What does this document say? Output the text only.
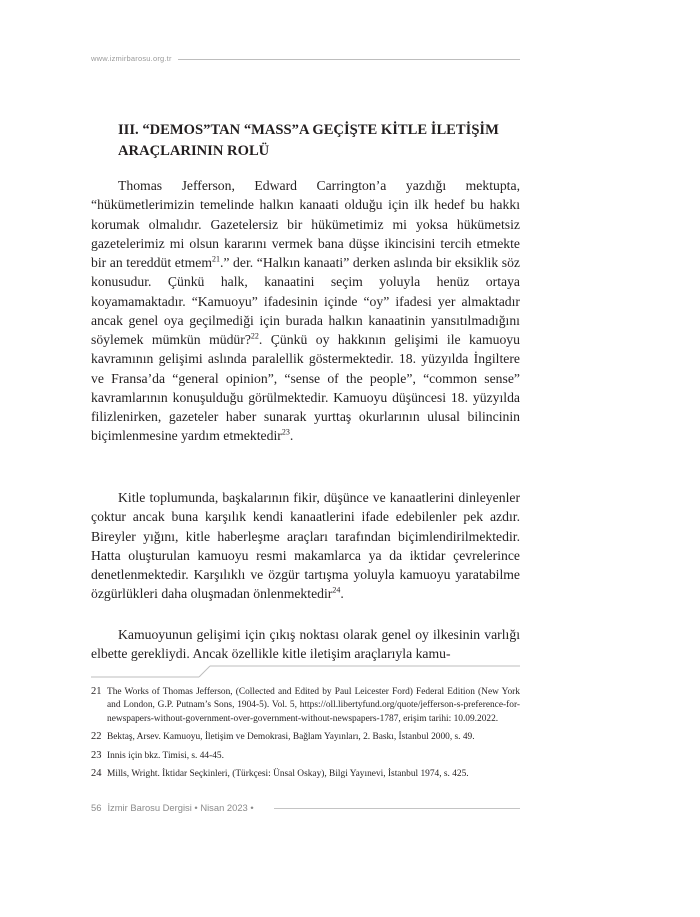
www.izmirbarosu.org.tr
III. “DEMOS”TAN “MASS”A GEÇİŞTE KİTLE İLETİŞİM ARAÇLARININ ROLÜ

Thomas Jefferson, Edward Carrington’a yazdığı mektupta, “hükümetlerimizin temelinde halkın kanaati olduğu için ilk hedef bu hakkı korumak olmalıdır. Gazetelersiz bir hükümetimiz mi yoksa hükümetsiz gazetelerimiz mi olsun kararını vermek bana düşse ikincisini tercih etmekte bir an tereddüt etmem$^{21}$.” der. “Halkın kanaati” derken aslında bir eksiklik söz konusudur. Çünkü halk, kanaatini seçim yoluyla henüz ortaya koyamamaktadır. “Kamuoyu” ifadesinin içinde “oy” ifadesi yer almaktadır ancak genel oya geçilmediği için burada halkın kanaatinin yansıtılmadığını söylemek mümkün müdür?$^{22}$. Çünkü oy hakkının gelişimi ile kamuoyu kavramının gelişimi aslında paralellik göstermektedir. 18. yüzyılda İngiltere ve Fransa’da “general opinion”, “sense of the people”, “common sense” kavramlarının konuşulduğu görülmektedir. Kamuoyu düşüncesi 18. yüzyılda filizlenirken, gazeteler haber sunarak yurttaş okurlarının ulusal bilincinin biçimlenmesine yardım etmektedir$^{23}$.

Kitle toplumunda, başkalarının fikir, düşünce ve kanaatlerini dinleyenler çoktur ancak buna karşılık kendi kanaatlerini ifade edebilenler pek azdır. Bireyler yığını, kitle haberleşme araçları tarafından biçimlendirilmektedir. Hatta oluşturulan kamuoyu resmi makamlarca ya da iktidar çevrelerince denetlenmektedir. Karşılıklı ve özgür tartışma yoluyla kamuoyu yaratabilme özgürlükleri daha oluşmadan önlenmektedir$^{24}$.

Kamuoyunun gelişimi için çıkış noktası olarak genel oy ilkesinin varlığı elbette gerekliydi. Ancak özellikle kitle iletişim araçlarıyla kamu-

21 The Works of Thomas Jefferson, (Collected and Edited by Paul Leicester Ford) Federal Edition (New York and London, G.P. Putnam’s Sons, 1904-5). Vol. 5, https://oll.libertyfund.org/quote/jefferson-s-preference-for-newspapers-without-government-over-government-without-newspapers-1787, erişim tarihi: 10.09.2022.
22 Bektaş, Arsev. Kamuoyu, İletişim ve Demokrasi, Bağlam Yayınları, 2. Baskı, İstanbul 2000, s. 49.
23 Innis için bkz. Timisi, s. 44-45.
24 Mills, Wright. İktidar Seçkinleri, (Türkçesi: Ünsal Oskay), Bilgi Yayınevi, İstanbul 1974, s. 425.
56 İzmir Barosu Dergisi • Nisan 2023 •
